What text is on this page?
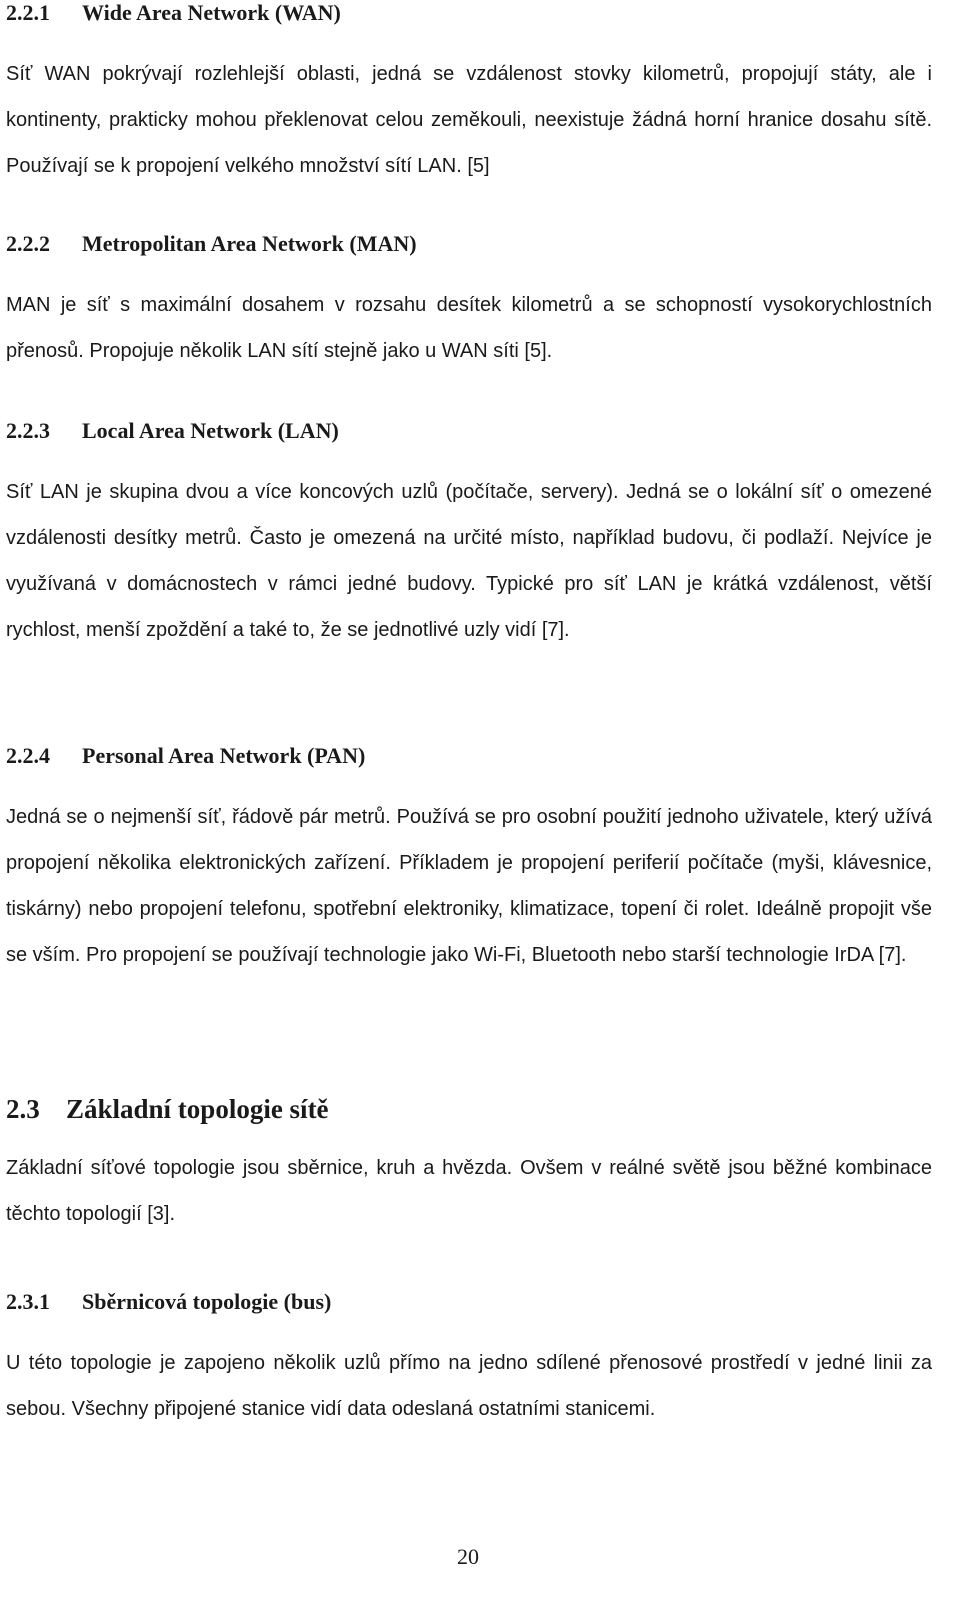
2.2.1 Wide Area Network (WAN)

Síť WAN pokrývají rozlehlejší oblasti, jedná se vzdálenost stovky kilometrů, propojují státy, ale i kontinenty, prakticky mohou překlenovat celou zeměkouli, neexistuje žádná horní hranice dosahu sítě. Používají se k propojení velkého množství sítí LAN. [5]

2.2.2 Metropolitan Area Network (MAN)

MAN je síť s maximální dosahem v rozsahu desítek kilometrů a se schopností vysokorychlostních přenosů. Propojuje několik LAN sítí stejně jako u WAN síti [5].

2.2.3 Local Area Network (LAN)

Síť LAN je skupina dvou a více koncových uzlů (počítače, servery). Jedná se o lokální síť o omezené vzdálenosti desítky metrů. Často je omezená na určité místo, například budovu, či podlaží. Nejvíce je využívaná v domácnostech v rámci jedné budovy. Typické pro síť LAN je krátká vzdálenost, větší rychlost, menší zpoždění a také to, že se jednotlivé uzly vidí [7].

2.2.4 Personal Area Network (PAN)

Jedná se o nejmenší síť, řádově pár metrů. Používá se pro osobní použití jednoho uživatele, který užívá propojení několika elektronických zařízení. Příkladem je propojení periferií počítače (myši, klávesnice, tiskárny) nebo propojení telefonu, spotřební elektroniky, klimatizace, topení či rolet. Ideálně propojit vše se vším. Pro propojení se používají technologie jako Wi-Fi, Bluetooth nebo starší technologie IrDA [7].

2.3 Základní topologie sítě

Základní síťové topologie jsou sběrnice, kruh a hvězda. Ovšem v reálné světě jsou běžné kombinace těchto topologií [3].

2.3.1 Sběrnicová topologie (bus)

U této topologie je zapojeno několik uzlů přímo na jedno sdílené přenosové prostředí v jedné linii za sebou. Všechny připojené stanice vidí data odeslaná ostatními stanicemi.

20
